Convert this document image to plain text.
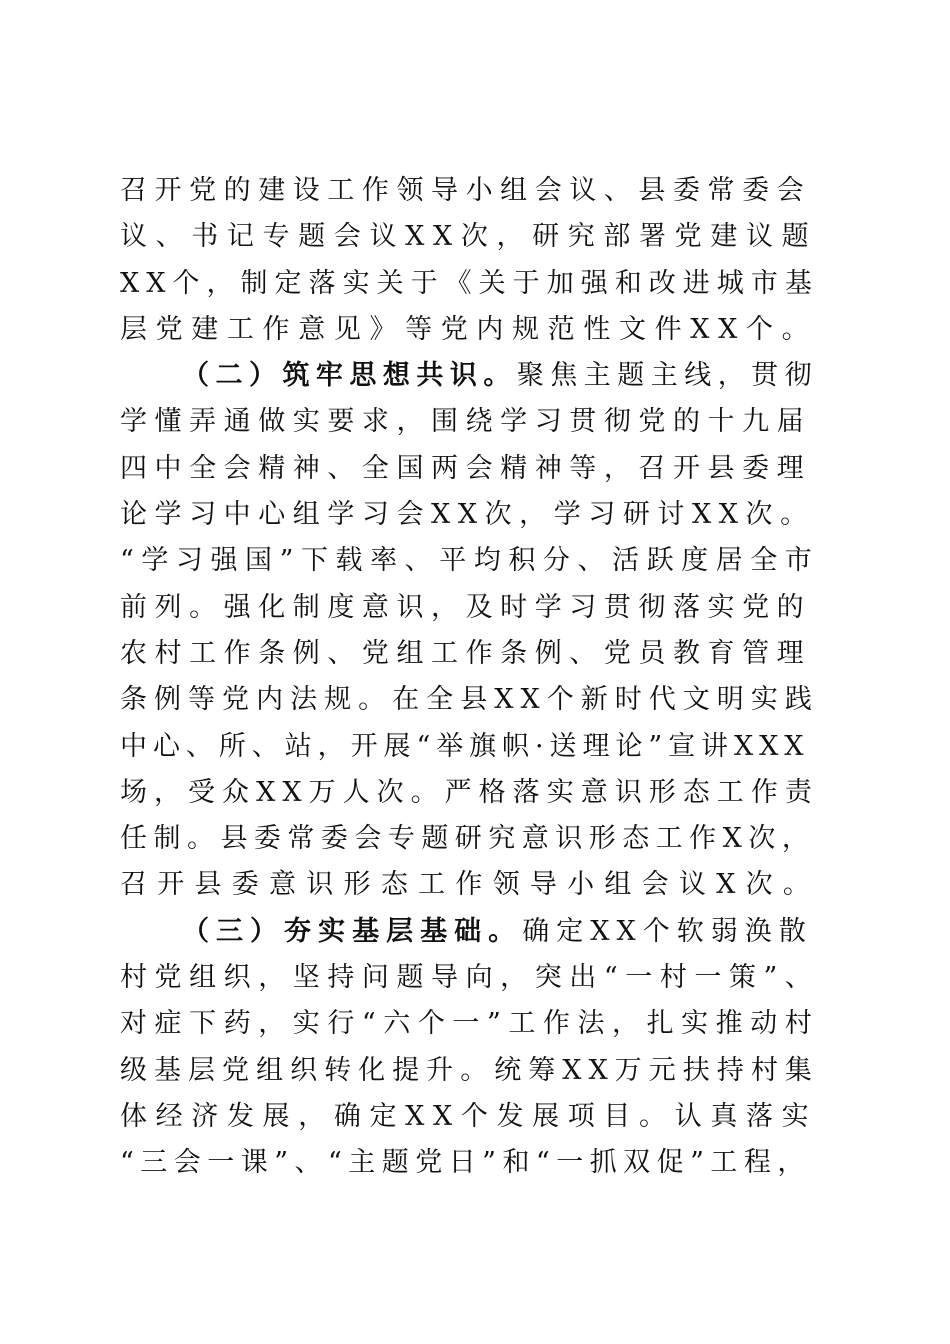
召开党的建设工作领导小组会议、县委常委会
议、书记专题会议XX次，研究部署党建议题
XX个，制定落实关于《关于加强和改进城市基
层党建工作意见》等党内规范性文件XX个。
（二）筑牢思想共识。聚焦主题主线，贯彻
学懂弄通做实要求，围绕学习贯彻党的十九届
四中全会精神、全国两会精神等，召开县委理
论学习中心组学习会XX次，学习研讨XX次。
“学习强国”下载率、平均积分、活跃度居全市
前列。强化制度意识，及时学习贯彻落实党的
农村工作条例、党组工作条例、党员教育管理
条例等党内法规。在全县XX个新时代文明实践
中心、所、站，开展“举旗帜·送理论”宣讲XXX
场，受众XX万人次。严格落实意识形态工作责
任制。县委常委会专题研究意识形态工作X次，
召开县委意识形态工作领导小组会议X次。
（三）夯实基层基础。确定XX个软弱涣散
村党组织，坚持问题导向，突出“一村一策”、
对症下药，实行“六个一”工作法，扎实推动村
级基层党组织转化提升。统筹XX万元扶持村集
体经济发展，确定XX个发展项目。认真落实
“三会一课”、“主题党日”和“一抓双促”工程，
